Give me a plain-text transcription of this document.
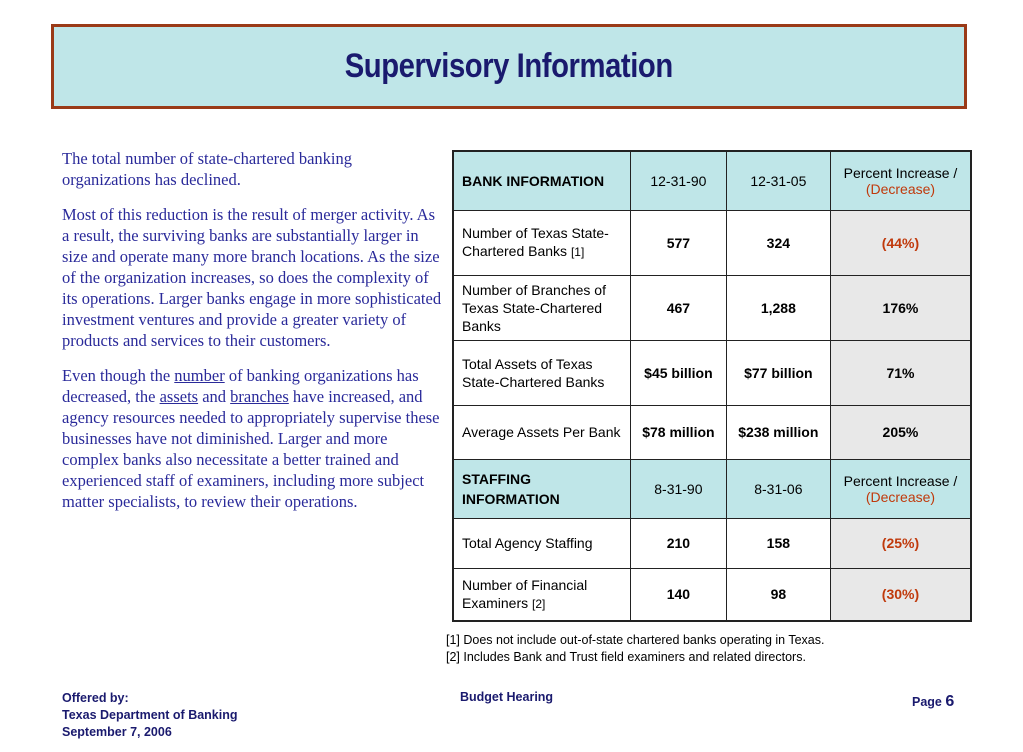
Supervisory Information

The total number of state-chartered banking organizations has declined.

Most of this reduction is the result of merger activity. As a result, the surviving banks are substantially larger in size and operate many more branch locations. As the size of the organization increases, so does the complexity of its operations. Larger banks engage in more sophisticated investment ventures and provide a greater variety of products and services to their customers.

Even though the number of banking organizations has decreased, the assets and branches have increased, and agency resources needed to appropriately supervise these businesses have not diminished. Larger and more complex banks also necessitate a better trained and experienced staff of examiners, including more subject matter specialists, to review their operations.

BANK INFORMATION	12-31-90	12-31-05	Percent Increase /
(Decrease)
Number of Texas State-Chartered Banks [1]	577	324	(44%)
Number of Branches of Texas State-Chartered Banks	467	1,288	176%
Total Assets of Texas State-Chartered Banks	$45 billion	$77 billion	71%
Average Assets Per Bank	$78 million	$238 million	205%
STAFFING INFORMATION	8-31-90	8-31-06	Percent Increase /
(Decrease)
Total Agency Staffing	210	158	(25%)
Number of Financial Examiners [2]	140	98	(30%)
[1] Does not include out-of-state chartered banks operating in Texas.
[2] Includes Bank and Trust field examiners and related directors.
Offered by:
Texas Department of Banking
September 7, 2006
Budget Hearing	Page 6
